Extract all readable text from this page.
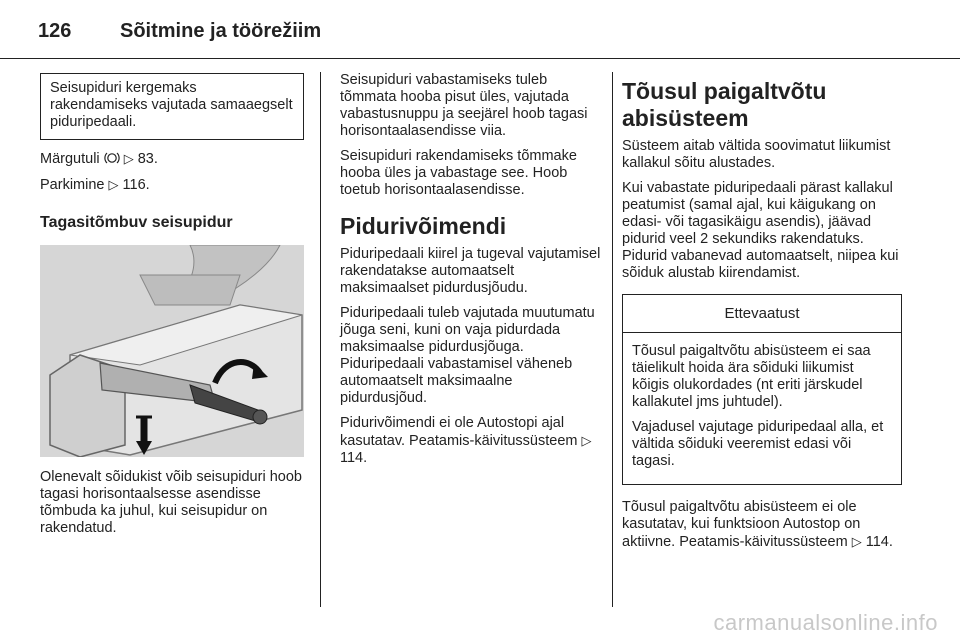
126 Sõitmine ja töörežiim
Seisupiduri kergemaks rakendamiseks vajutada samaaegselt piduripedaali.

Märgutuli ▷ 83.

Parkimine ▷ 116.

Tagasitõmbuv seisupidur

Olenevalt sõidukist võib seisupiduri hoob tagasi horisontaalsesse asendisse tõmbuda ka juhul, kui seisupidur on rakendatud.

Seisupiduri vabastamiseks tuleb tõmmata hooba pisut üles, vajutada vabastusnuppu ja seejärel hoob tagasi horisontaalasendisse viia.

Seisupiduri rakendamiseks tõmmake hooba üles ja vabastage see. Hoob toetub horisontaalasendisse.

Pidurivõimendi

Piduripedaali kiirel ja tugeval vajutamisel rakendatakse automaatselt maksimaalset pidurdusjõudu.

Piduripedaali tuleb vajutada muutumatu jõuga seni, kuni on vaja pidurdada maksimaalse pidurdusjõuga. Piduripedaali vabastamisel väheneb automaatselt maksimaalne pidurdusjõud.

Pidurivõimendi ei ole Autostopi ajal kasutatav. Peatamis-käivitussüsteem ▷ 114.

Tõusul paigaltvõtu abisüsteem

Süsteem aitab vältida soovimatut liikumist kallakul sõitu alustades.

Kui vabastate piduripedaali pärast kallakul peatumist (samal ajal, kui käigukang on edasi- või tagasikäigu asendis), jäävad pidurid veel 2 sekundiks rakendatuks. Pidurid vabanevad automaatselt, niipea kui sõiduk alustab kiirendamist.

Ettevaatust

Tõusul paigaltvõtu abisüsteem ei saa täielikult hoida ära sõiduki liikumist kõigis olukordades (nt eriti järskudel kallakutel jms juhtudel).

Vajadusel vajutage piduripedaal alla, et vältida sõiduki veeremist edasi või tagasi.

Tõusul paigaltvõtu abisüsteem ei ole kasutatav, kui funktsioon Autostop on aktiivne. Peatamis-käivitussüsteem ▷ 114.

carmanualsonline.info
